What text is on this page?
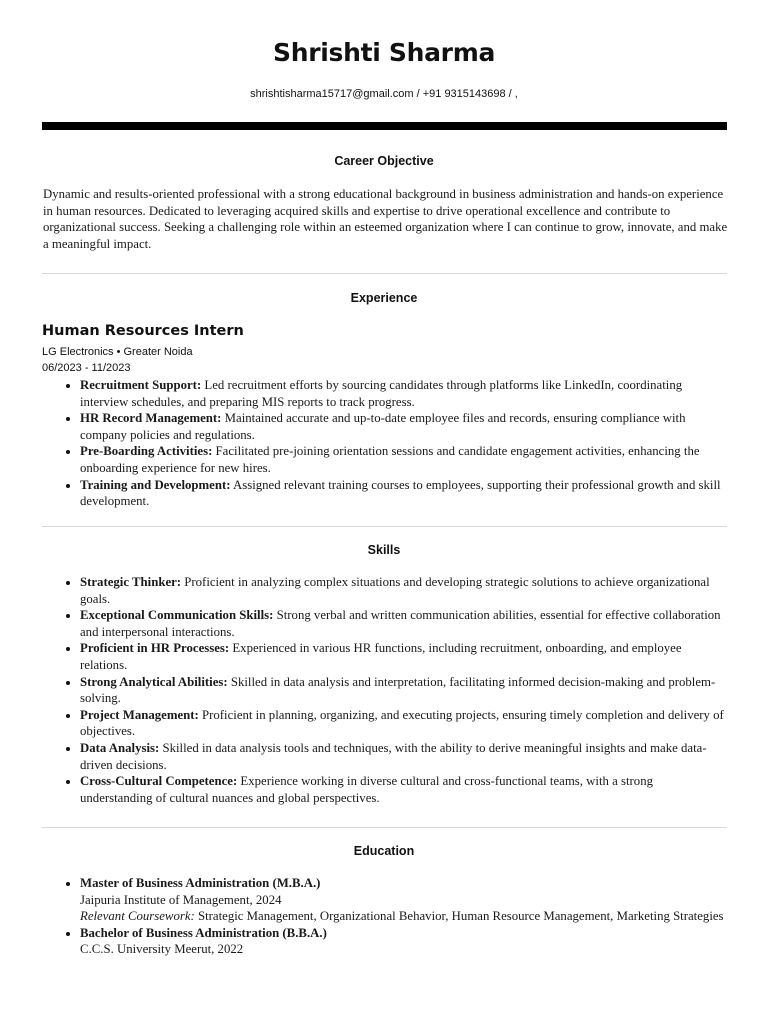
Shrishti Sharma
shrishtisharma15717@gmail.com / +91 9315143698 / ,
Career Objective
Dynamic and results-oriented professional with a strong educational background in business administration and hands-on experience in human resources. Dedicated to leveraging acquired skills and expertise to drive operational excellence and contribute to organizational success. Seeking a challenging role within an esteemed organization where I can continue to grow, innovate, and make a meaningful impact.
Experience
Human Resources Intern
LG Electronics • Greater Noida
06/2023 - 11/2023
Recruitment Support: Led recruitment efforts by sourcing candidates through platforms like LinkedIn, coordinating interview schedules, and preparing MIS reports to track progress.
HR Record Management: Maintained accurate and up-to-date employee files and records, ensuring compliance with company policies and regulations.
Pre-Boarding Activities: Facilitated pre-joining orientation sessions and candidate engagement activities, enhancing the onboarding experience for new hires.
Training and Development: Assigned relevant training courses to employees, supporting their professional growth and skill development.
Skills
Strategic Thinker: Proficient in analyzing complex situations and developing strategic solutions to achieve organizational goals.
Exceptional Communication Skills: Strong verbal and written communication abilities, essential for effective collaboration and interpersonal interactions.
Proficient in HR Processes: Experienced in various HR functions, including recruitment, onboarding, and employee relations.
Strong Analytical Abilities: Skilled in data analysis and interpretation, facilitating informed decision-making and problem-solving.
Project Management: Proficient in planning, organizing, and executing projects, ensuring timely completion and delivery of objectives.
Data Analysis: Skilled in data analysis tools and techniques, with the ability to derive meaningful insights and make data-driven decisions.
Cross-Cultural Competence: Experience working in diverse cultural and cross-functional teams, with a strong understanding of cultural nuances and global perspectives.
Education
Master of Business Administration (M.B.A.)
Jaipuria Institute of Management, 2024
Relevant Coursework: Strategic Management, Organizational Behavior, Human Resource Management, Marketing Strategies
Bachelor of Business Administration (B.B.A.)
C.C.S. University Meerut, 2022
